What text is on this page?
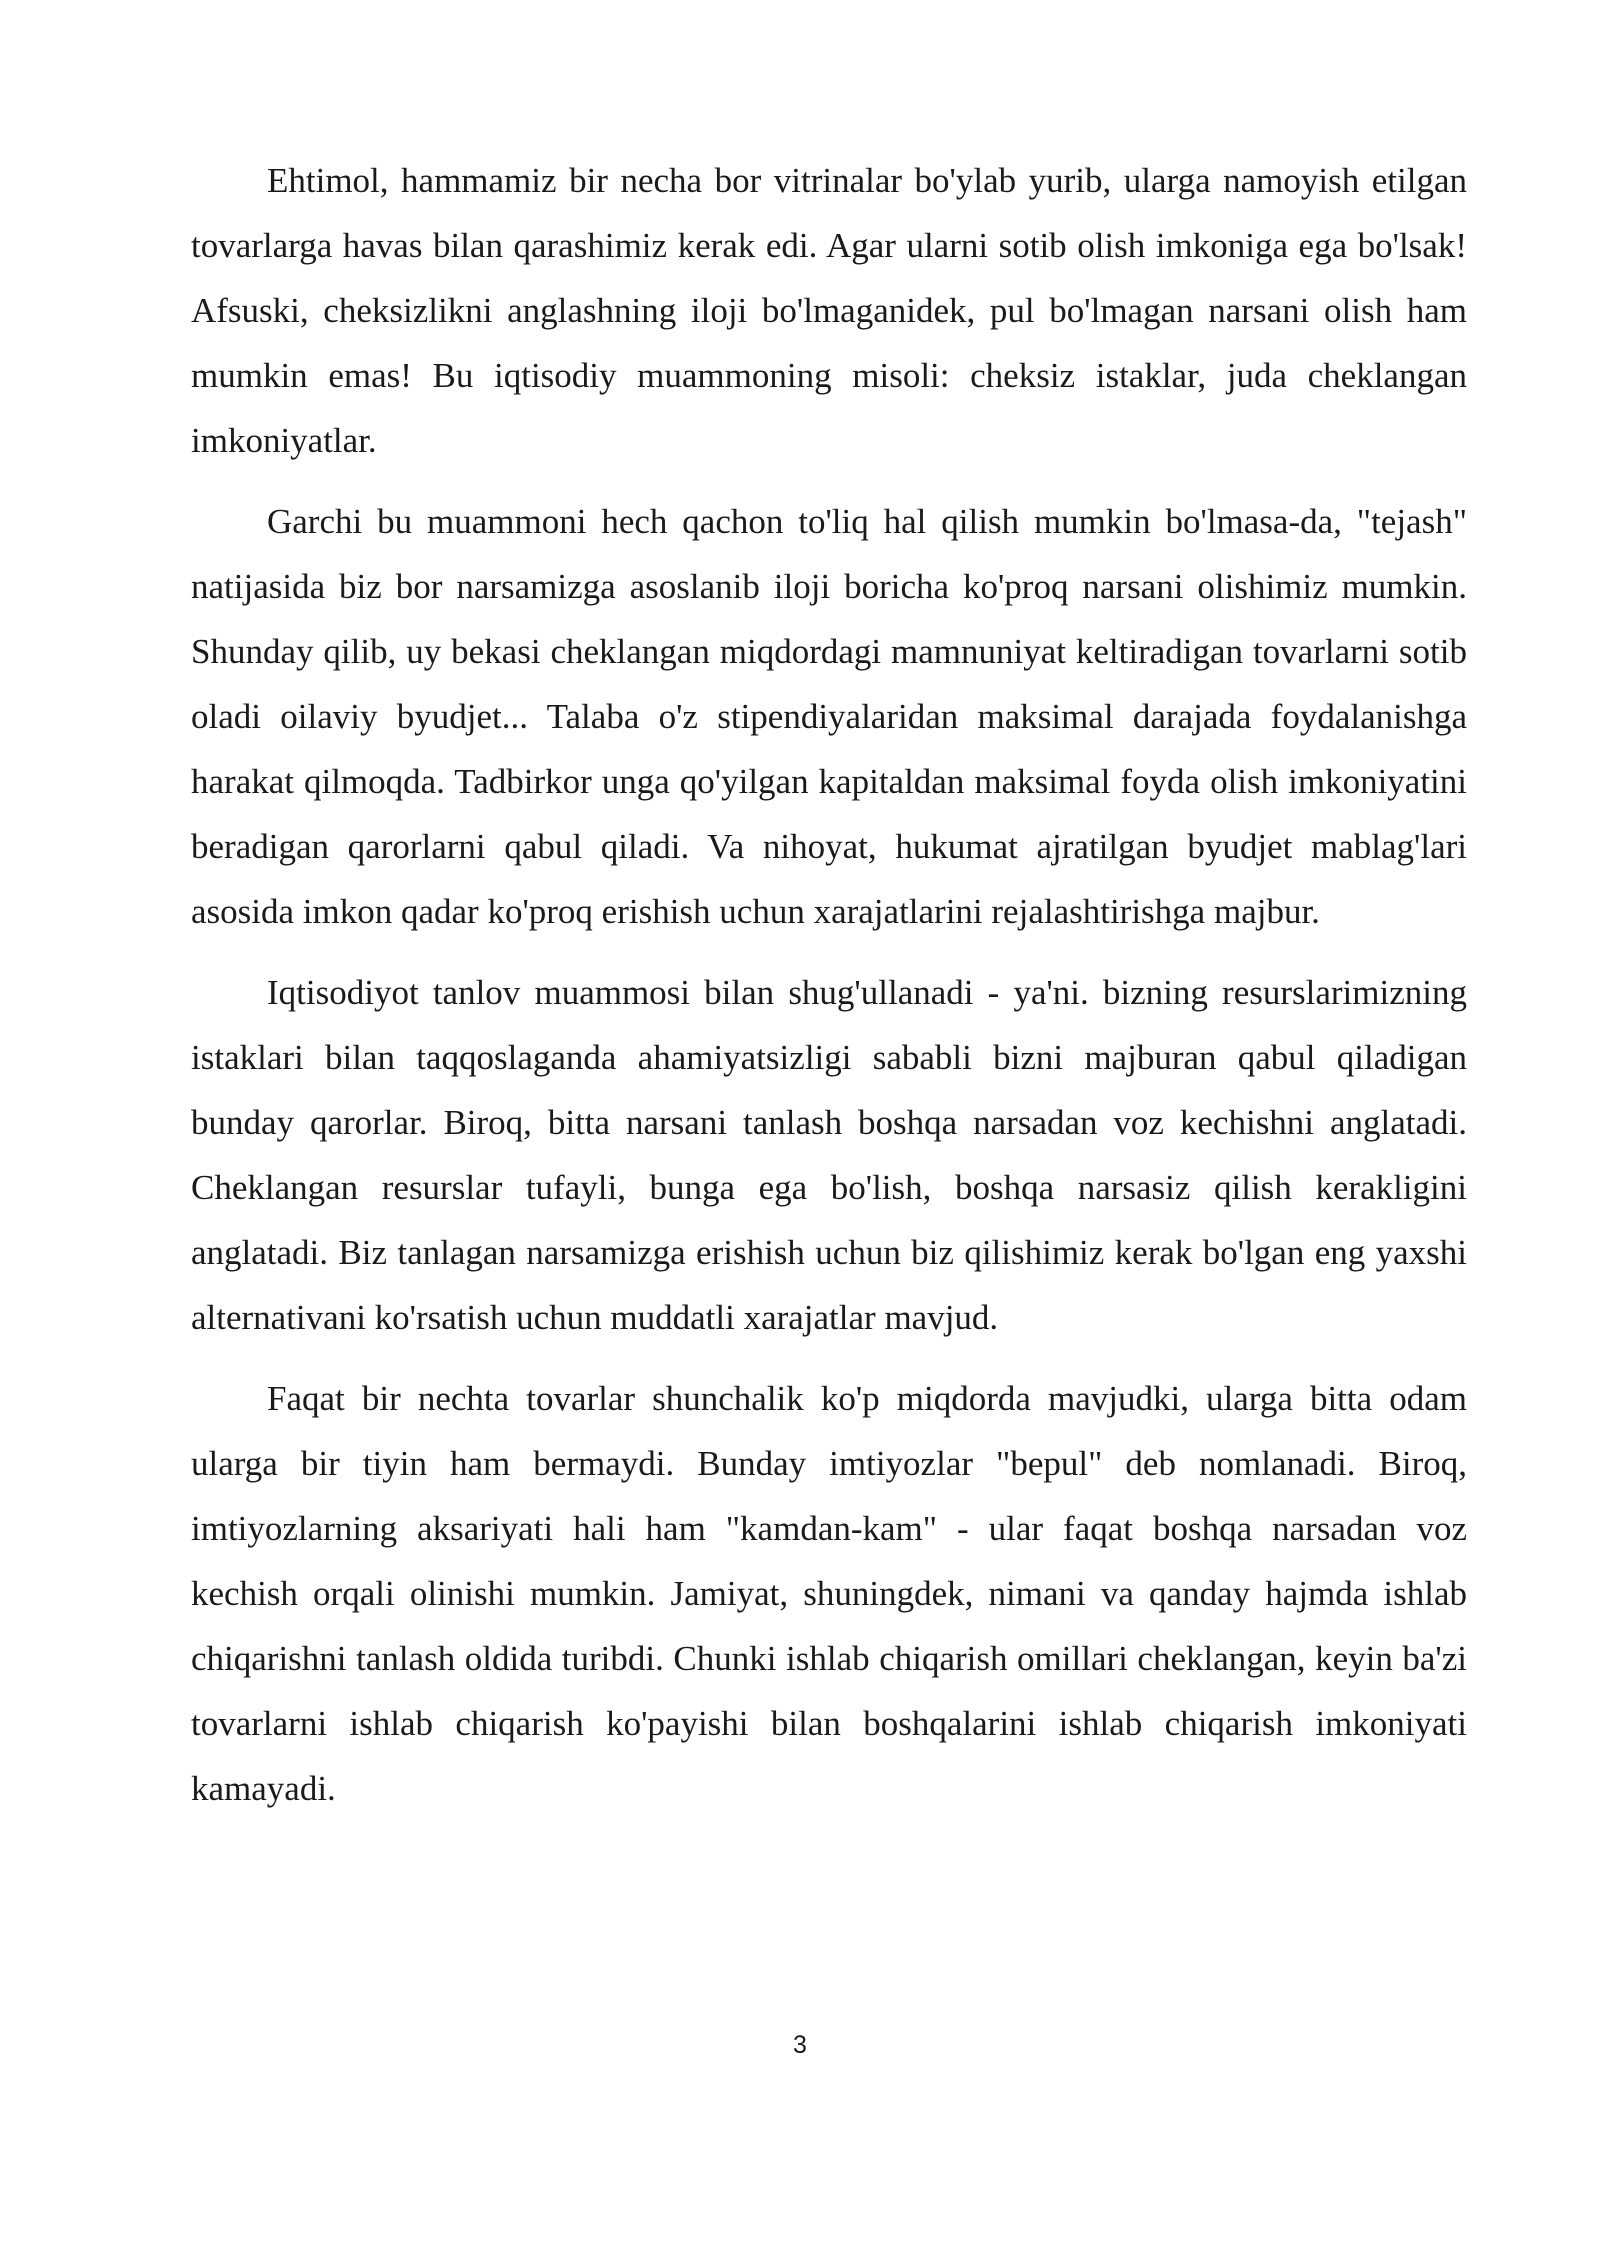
Ehtimol, hammamiz bir necha bor vitrinalar bo'ylab yurib, ularga namoyish etilgan tovarlarga havas bilan qarashimiz kerak edi. Agar ularni sotib olish imkoniga ega bo'lsak! Afsuski, cheksizlikni anglashning iloji bo'lmaganidek, pul bo'lmagan narsani olish ham mumkin emas! Bu iqtisodiy muammoning misoli: cheksiz istaklar, juda cheklangan imkoniyatlar.

Garchi bu muammoni hech qachon to'liq hal qilish mumkin bo'lmasa-da, "tejash" natijasida biz bor narsamizga asoslanib iloji boricha ko'proq narsani olishimiz mumkin. Shunday qilib, uy bekasi cheklangan miqdordagi mamnuniyat keltiradigan tovarlarni sotib oladi oilaviy byudjet... Talaba o'z stipendiyalaridan maksimal darajada foydalanishga harakat qilmoqda. Tadbirkor unga qo'yilgan kapitaldan maksimal foyda olish imkoniyatini beradigan qarorlarni qabul qiladi. Va nihoyat, hukumat ajratilgan byudjet mablag'lari asosida imkon qadar ko'proq erishish uchun xarajatlarini rejalashtirishga majbur.

Iqtisodiyot tanlov muammosi bilan shug'ullanadi - ya'ni. bizning resurslarimizning istaklari bilan taqqoslaganda ahamiyatsizligi sababli bizni majburan qabul qiladigan bunday qarorlar. Biroq, bitta narsani tanlash boshqa narsadan voz kechishni anglatadi. Cheklangan resurslar tufayli, bunga ega bo'lish, boshqa narsasiz qilish kerakligini anglatadi. Biz tanlagan narsamizga erishish uchun biz qilishimiz kerak bo'lgan eng yaxshi alternativani ko'rsatish uchun muddatli xarajatlar mavjud.

Faqat bir nechta tovarlar shunchalik ko'p miqdorda mavjudki, ularga bitta odam ularga bir tiyin ham bermaydi. Bunday imtiyozlar "bepul" deb nomlanadi. Biroq, imtiyozlarning aksariyati hali ham "kamdan-kam" - ular faqat boshqa narsadan voz kechish orqali olinishi mumkin. Jamiyat, shuningdek, nimani va qanday hajmda ishlab chiqarishni tanlash oldida turibdi. Chunki ishlab chiqarish omillari cheklangan, keyin ba'zi tovarlarni ishlab chiqarish ko'payishi bilan boshqalarini ishlab chiqarish imkoniyati kamayadi.

3
